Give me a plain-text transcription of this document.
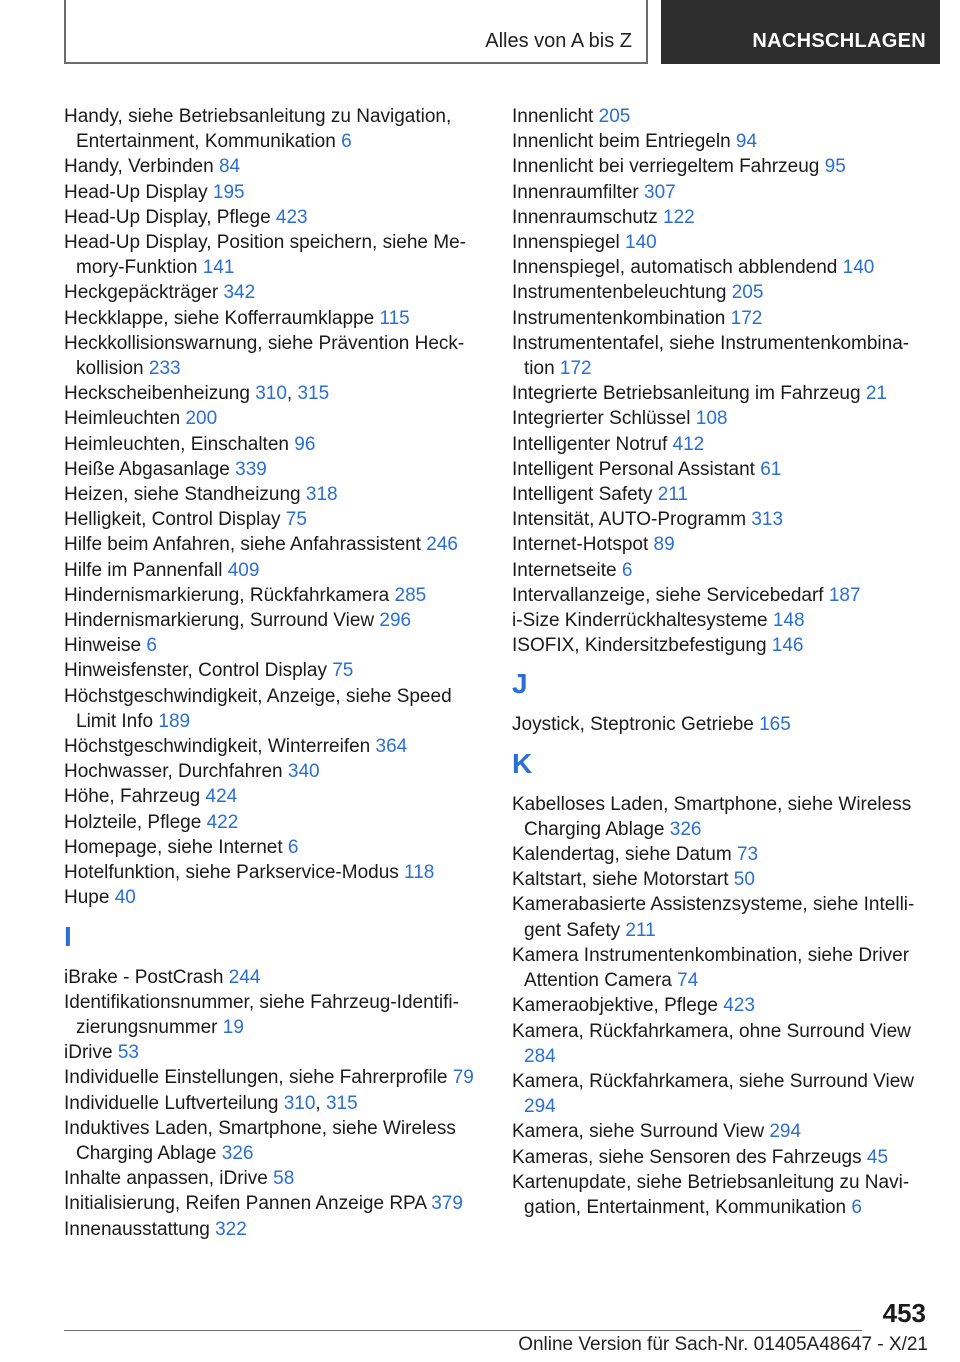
Alles von A bis Z	NACHSCHLAGEN
Handy, siehe Betriebsanleitung zu Navigation, Entertainment, Kommunikation 6
Handy, Verbinden 84
Head-Up Display 195
Head-Up Display, Pflege 423
Head-Up Display, Position speichern, siehe Memory-Funktion 141
Heckgepäckträger 342
Heckklappe, siehe Kofferraumklappe 115
Heckkollisionswarnung, siehe Prävention Heckkollision 233
Heckscheibenheizung 310, 315
Heimleuchten 200
Heimleuchten, Einschalten 96
Heiße Abgasanlage 339
Heizen, siehe Standheizung 318
Helligkeit, Control Display 75
Hilfe beim Anfahren, siehe Anfahrassistent 246
Hilfe im Pannenfall 409
Hindernismarkierung, Rückfahrkamera 285
Hindernismarkierung, Surround View 296
Hinweise 6
Hinweisfenster, Control Display 75
Höchstgeschwindigkeit, Anzeige, siehe Speed Limit Info 189
Höchstgeschwindigkeit, Winterreifen 364
Hochwasser, Durchfahren 340
Höhe, Fahrzeug 424
Holzteile, Pflege 422
Homepage, siehe Internet 6
Hotelfunktion, siehe Parkservice-Modus 118
Hupe 40
I
iBrake - PostCrash 244
Identifikationsnummer, siehe Fahrzeug-Identifizierungsnummer 19
iDrive 53
Individuelle Einstellungen, siehe Fahrerprofile 79
Individuelle Luftverteilung 310, 315
Induktives Laden, Smartphone, siehe Wireless Charging Ablage 326
Inhalte anpassen, iDrive 58
Initialisierung, Reifen Pannen Anzeige RPA 379
Innenausstattung 322
Innenlicht 205
Innenlicht beim Entriegeln 94
Innenlicht bei verriegeltem Fahrzeug 95
Innenraumfilter 307
Innenraumschutz 122
Innenspiegel 140
Innenspiegel, automatisch abblendend 140
Instrumentenbeleuchtung 205
Instrumentenkombination 172
Instrumententafel, siehe Instrumentenkombination 172
Integrierte Betriebsanleitung im Fahrzeug 21
Integrierter Schlüssel 108
Intelligenter Notruf 412
Intelligent Personal Assistant 61
Intelligent Safety 211
Intensität, AUTO-Programm 313
Internet-Hotspot 89
Internetseite 6
Intervallanzeige, siehe Servicebedarf 187
i-Size Kinderrückhaltesysteme 148
ISOFIX, Kindersitzbefestigung 146
J
Joystick, Steptronic Getriebe 165
K
Kabelloses Laden, Smartphone, siehe Wireless Charging Ablage 326
Kalendertag, siehe Datum 73
Kaltstart, siehe Motorstart 50
Kamerabasierte Assistenzsysteme, siehe Intelligent Safety 211
Kamera Instrumentenkombination, siehe Driver Attention Camera 74
Kameraobjektive, Pflege 423
Kamera, Rückfahrkamera, ohne Surround View 284
Kamera, Rückfahrkamera, siehe Surround View 294
Kamera, siehe Surround View 294
Kameras, siehe Sensoren des Fahrzeugs 45
Kartenupdate, siehe Betriebsanleitung zu Navigation, Entertainment, Kommunikation 6
453
Online Version für Sach-Nr. 01405A48647 - X/21
